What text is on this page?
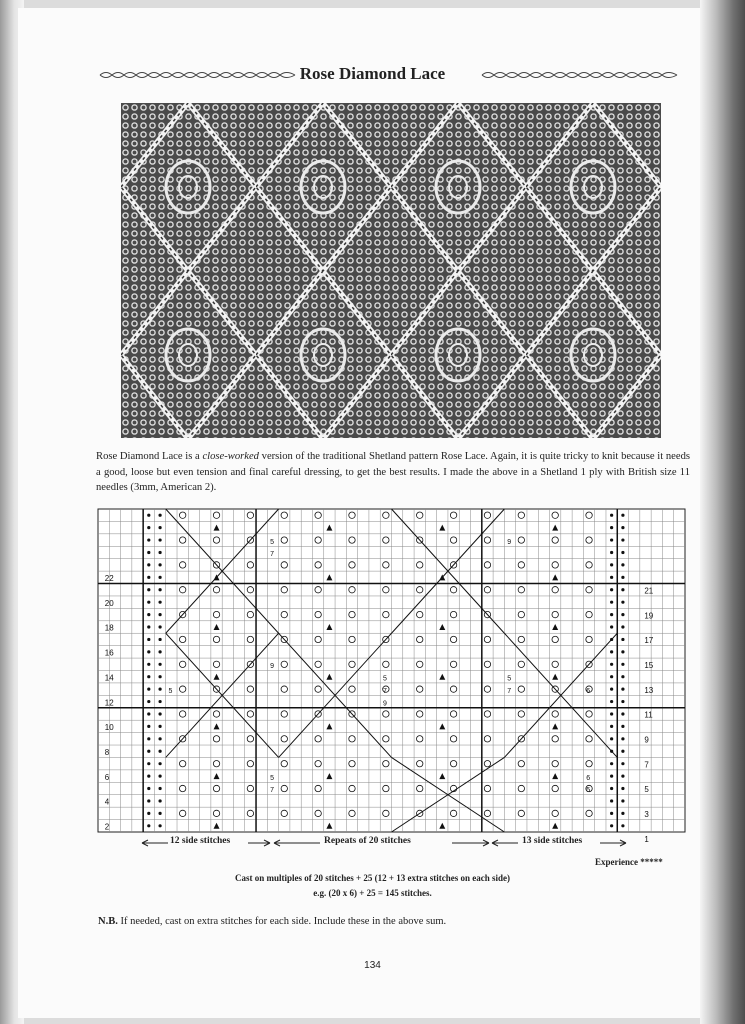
Rose Diamond Lace
Rose Diamond Lace is a close-worked version of the traditional Shetland pattern Rose Lace. Again, it is quite tricky to knit because it needs a good, loose but even tension and final careful dressing, to get the best results. I made the above in a Shetland 1 ply with British size 11 needles (3mm, American 2).
22
20
18
16
14
12
10
8
6
4
2
21
19
17
15
13
11
9
7
5
3
1
5
7
9
5
7
9
6
5
5
7
9
5
7
6
5
12 side stitches	Repeats of 20 stitches	13 side stitches
Experience *****
Cast on multiples of 20 stitches + 25 (12 + 13 extra stitches on each side)
e.g. (20 x 6) + 25 = 145 stitches.
N.B. If needed, cast on extra stitches for each side. Include these in the above sum.
134
